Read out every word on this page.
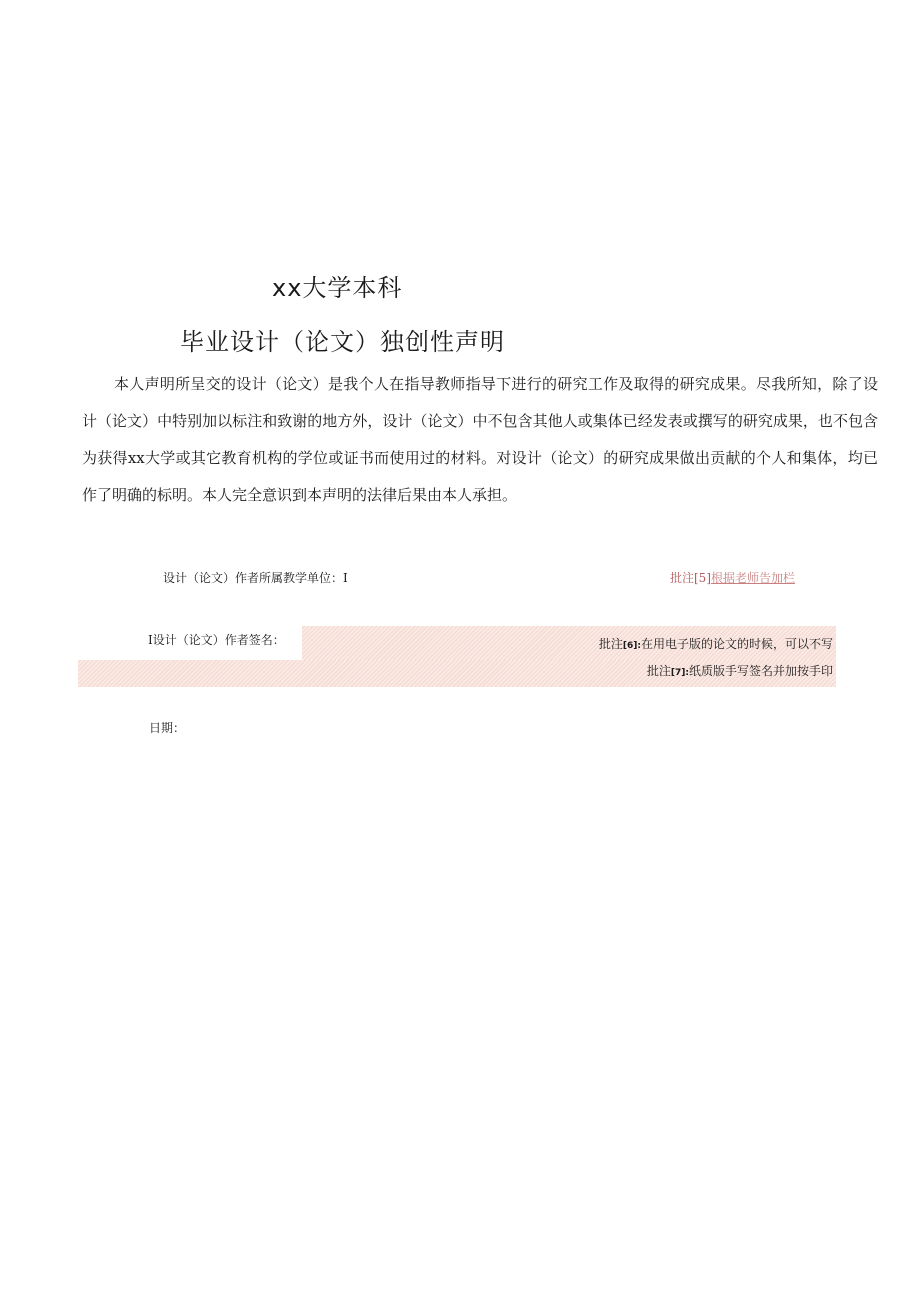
xx大学本科
毕业设计（论文）独创性声明

本人声明所呈交的设计（论文）是我个人在指导教师指导下进行的研究工作及取得的研究成果。尽我所知，除了设计（论文）中特别加以标注和致谢的地方外，设计（论文）中不包含其他人或集体已经发表或撰写的研究成果，也不包含为获得xx大学或其它教育机构的学位或证书而使用过的材料。对设计（论文）的研究成果做出贡献的个人和集体，均已作了明确的标明。本人完全意识到本声明的法律后果由本人承担。

设计（论文）作者所属教学单位：I	批注[5]根据老师告加栏
I设计（论文）作者签名：	批注[6]:在用电子版的论文的时候，可以不写
批注[7]:纸质版手写签名并加按手印
日期：
